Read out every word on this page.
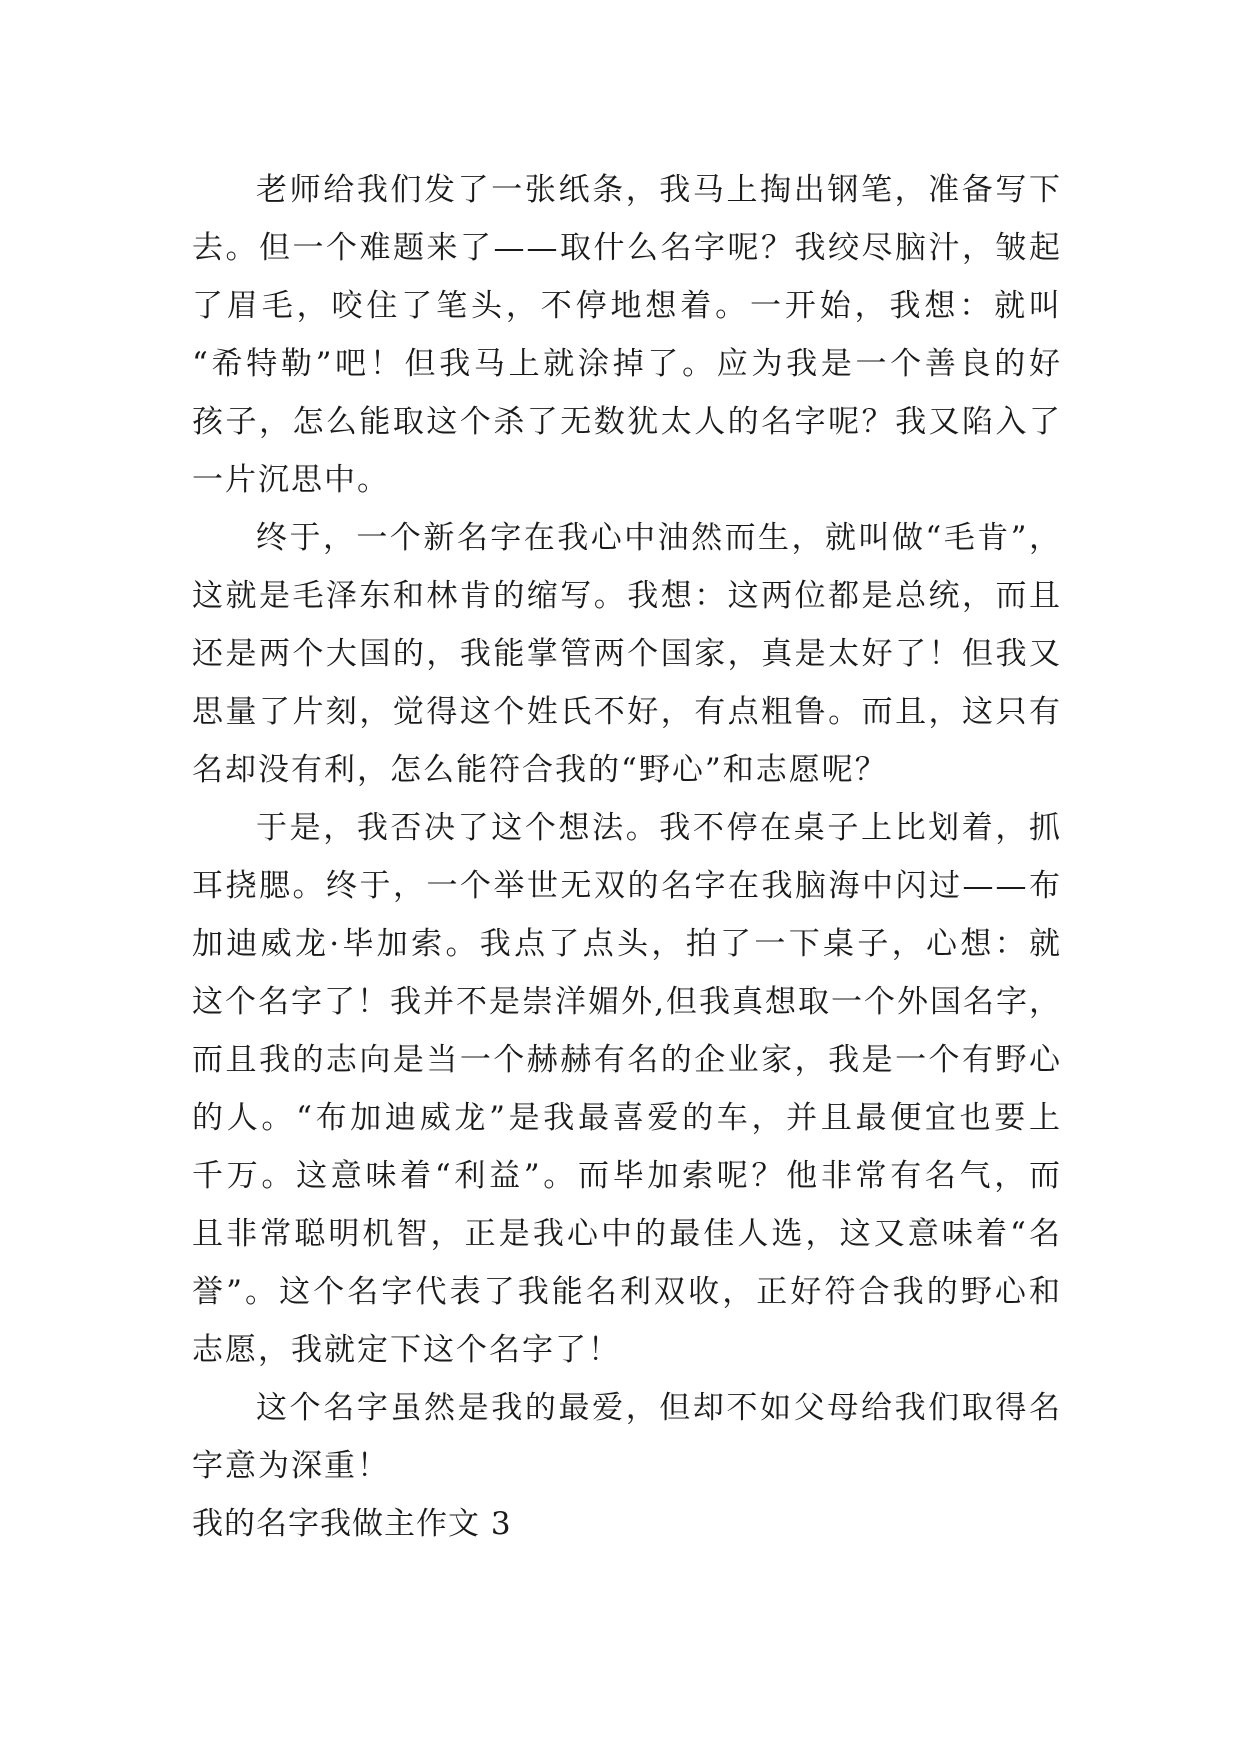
老师给我们发了一张纸条，我马上掏出钢笔，准备写下
去。但一个难题来了——取什么名字呢？我绞尽脑汁，皱起
了眉毛，咬住了笔头，不停地想着。一开始，我想：就叫
“希特勒”吧！但我马上就涂掉了。应为我是一个善良的好
孩子，怎么能取这个杀了无数犹太人的名字呢？我又陷入了
一片沉思中。
终于，一个新名字在我心中油然而生，就叫做“毛肯”，
这就是毛泽东和林肯的缩写。我想：这两位都是总统，而且
还是两个大国的，我能掌管两个国家，真是太好了！但我又
思量了片刻，觉得这个姓氏不好，有点粗鲁。而且，这只有
名却没有利，怎么能符合我的“野心”和志愿呢？
于是，我否决了这个想法。我不停在桌子上比划着，抓
耳挠腮。终于，一个举世无双的名字在我脑海中闪过——布
加迪威龙·毕加索。我点了点头，拍了一下桌子，心想：就
这个名字了！我并不是崇洋媚外,但我真想取一个外国名字，
而且我的志向是当一个赫赫有名的企业家，我是一个有野心
的人。“布加迪威龙”是我最喜爱的车，并且最便宜也要上
千万。这意味着“利益”。而毕加索呢？他非常有名气，而
且非常聪明机智，正是我心中的最佳人选，这又意味着“名
誉”。这个名字代表了我能名利双收，正好符合我的野心和
志愿，我就定下这个名字了！
这个名字虽然是我的最爱，但却不如父母给我们取得名
字意为深重！
我的名字我做主作文 3
